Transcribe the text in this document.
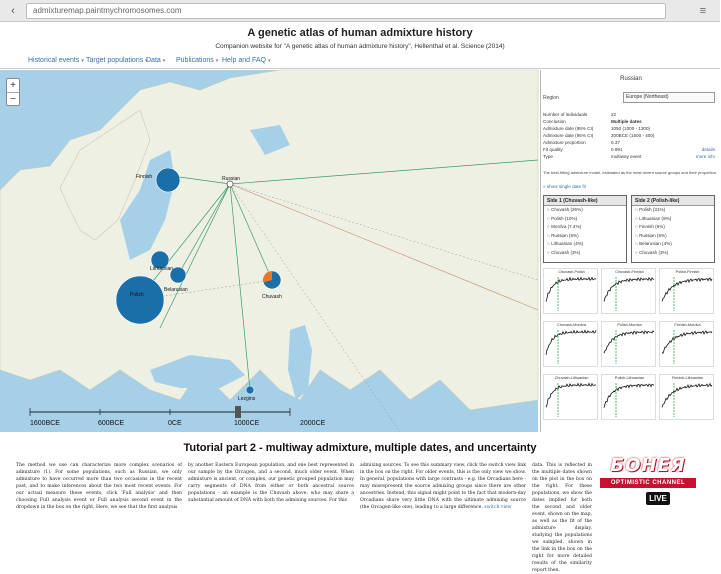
‹	admixturemap.paintmychromosomes.com	≡
A genetic atlas of human admixture history
Companion website for "A genetic atlas of human admixture history", Hellenthal et al. Science (2014)
Historical events ▾ Target populations ▾ Data ▾	Publications ▾	Help and FAQ ▾
+
−
Finnish	Russian
Lithuanian
Belarusian
Polish	Chuvash
Lezgins
1600BCE	600BCE	0CE	1000CE	2000CE
Russian
Region	Europe (Northeast)
Number of individuals	22
Conclusion	Multiple dates
Admixture date (95% CI)	1050 (1000 - 1300)
Admixture date (95% CI)	200BCE (1500 - 400)
Admixture proportion	0.37
Fit quality	0.991	details
Type	multiway event	more info
The best-fitting admixture model, estimated as the most recent source groups and their proportion.
» show single date fit
Side 1 (Chuvash-like)
○ Chuvash (26%)
○ Polish (10%)
○ Mordva (7.4%)
○ Russian (5%)
○ Lithuanian (4%)
○ Chuvash (3%)
Side 2 (Polish-like)
○ Polish (31%)
○ Lithuanian (8%)
○ Finnish (6%)
○ Russian (5%)
○ Belarusian (4%)
○ Chuvash (3%)
Chuvash-Polish	Chuvash-Finnish	Polish-Finnish
Chuvash-Mordva	Polish-Mordva	Finnish-Mordva
Chuvash-Lithuanian	Polish-Lithuanian	Finnish-Lithuanian
Tutorial part 2 - multiway admixture, multiple dates, and uncertainty
The method we use can characterize more complex scenarios of admixture (1). For some populations, such as Russian, we only admixture to have occurred more than two occasions in the recent past, and to make inferences about the two most recent events. For our actual measure these events, click 'Full analysis' and then choosing Full analysis event or Full analysis second event in the dropdown in the box on the right. Here, we see that the first analysis
by another Eastern European population, and one best represented in our sample by the Orcagen, and a second, much older event. When admixture is ancient, or complex, our genetic grouped population may carry segments of DNA from either or both ancestral source populations - an example is the Chuvash above, who may share a substantial amount of DNA with both the admixing sources. For this
admixing sources. To see this summary view, click the switch view link in the box on the right. For older events, this is the only view we show. In general, populations with large contrasts - e.g. the Orcadians here - may misrepresent the source admixing groups since there are other ancestries. Instead, this signal might point to the fact that modern-day Orcadians share very little DNA with the ultimate admixing source (the Orcagen-like one), leading to a large difference. switch view
data. This is reflected in the multiple dates shown on the plot in the box on the right. For these populations, we show the dates implied for both the second and older event, shown on the map, as well as the fit of the admixture display, studying the populations we sampled, shown in the link in the box on the right for more detailed results of the similarity report then.
БОНЕЯ
OPTIMISTIC CHANNEL
LIVE
